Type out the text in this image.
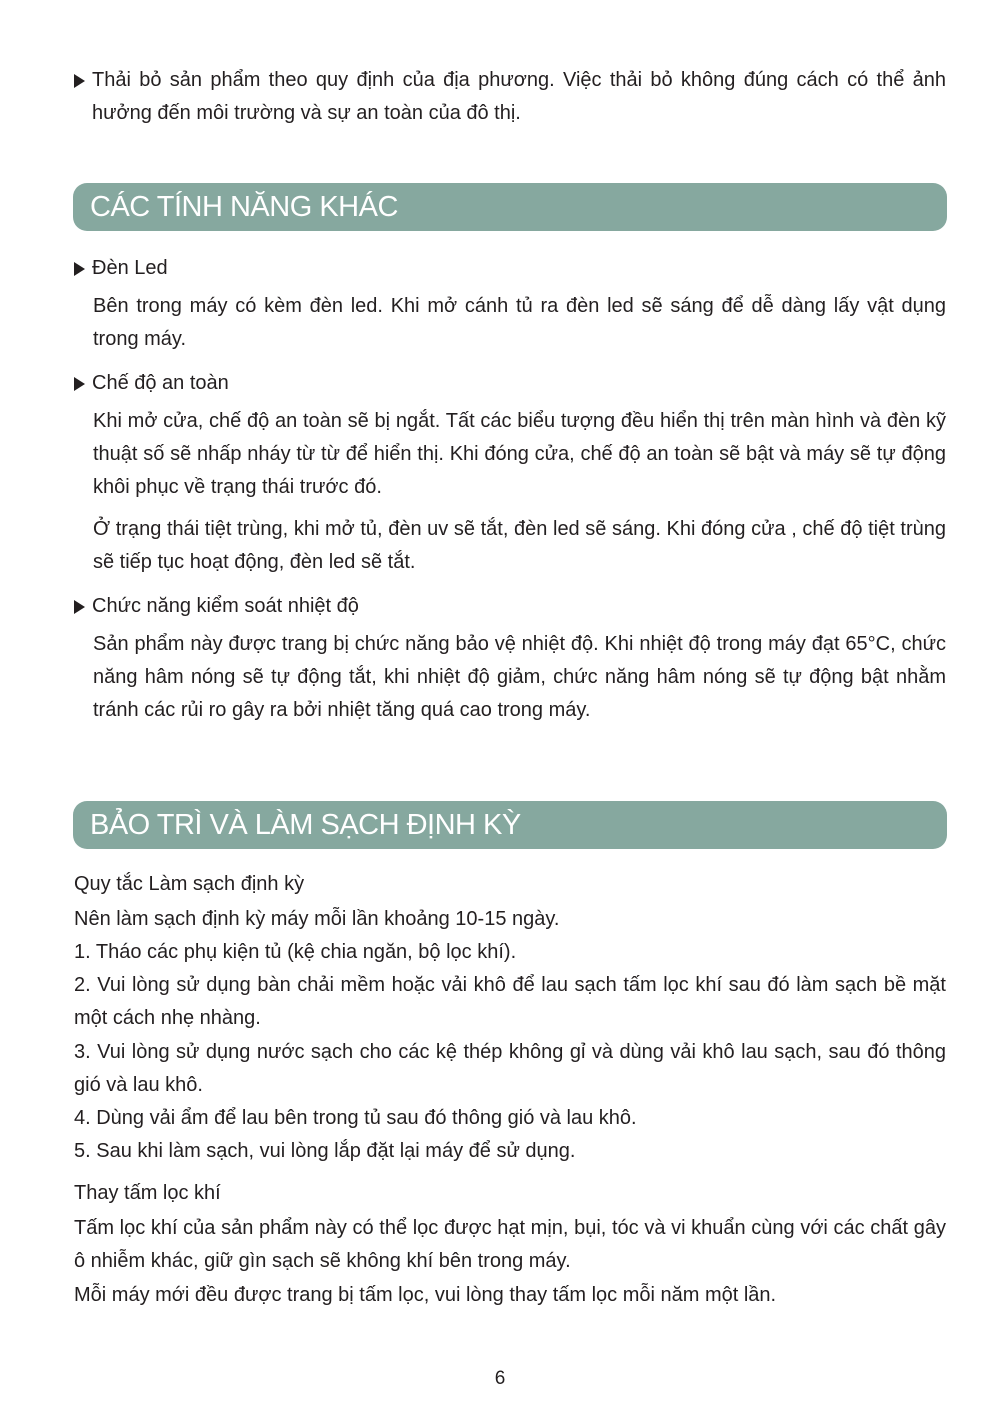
Thải bỏ sản phẩm theo quy định của địa phương. Việc thải bỏ không đúng cách có thể ảnh hưởng đến môi trường và sự an toàn của đô thị.
CÁC TÍNH NĂNG KHÁC
Đèn Led
Bên trong máy có kèm đèn led. Khi mở cánh tủ ra đèn led sẽ sáng để dễ dàng lấy vật dụng trong máy.
Chế độ an toàn
Khi mở cửa, chế độ an toàn sẽ bị ngắt. Tất các biểu tượng đều hiển thị trên màn hình và đèn kỹ thuật số sẽ nhấp nháy từ từ để hiển thị. Khi đóng cửa, chế độ an toàn sẽ bật và máy sẽ tự động khôi phục về trạng thái trước đó.
Ở trạng thái tiệt trùng, khi mở tủ, đèn uv sẽ tắt, đèn led sẽ sáng. Khi đóng cửa , chế độ tiệt trùng sẽ tiếp tục hoạt động, đèn led sẽ tắt.
Chức năng kiểm soát nhiệt độ
Sản phẩm này được trang bị chức năng bảo vệ nhiệt độ. Khi nhiệt độ trong máy đạt 65°C, chức năng hâm nóng sẽ tự động tắt, khi nhiệt độ giảm, chức năng hâm nóng sẽ tự động bật nhằm tránh các rủi ro gây ra bởi nhiệt tăng quá cao trong máy.
BẢO TRÌ VÀ LÀM SẠCH ĐỊNH KỲ
Quy tắc Làm sạch định kỳ
Nên làm sạch định kỳ máy mỗi lần khoảng 10-15 ngày.
1. Tháo các phụ kiện tủ (kệ chia ngăn, bộ lọc khí).
2. Vui lòng sử dụng bàn chải mềm hoặc vải khô để lau sạch tấm lọc khí sau đó làm sạch bề mặt một cách nhẹ nhàng.
3. Vui lòng sử dụng nước sạch cho các kệ thép không gỉ và dùng vải khô lau sạch, sau đó thông gió và lau khô.
4. Dùng vải ẩm để lau bên trong tủ sau đó thông gió và lau khô.
5. Sau khi làm sạch, vui lòng lắp đặt lại máy để sử dụng.
Thay tấm lọc khí
Tấm lọc khí của sản phẩm này có thể lọc được hạt mịn, bụi, tóc và vi khuẩn cùng với các chất gây ô nhiễm khác, giữ gìn sạch sẽ không khí bên trong máy.
Mỗi máy mới đều được trang bị tấm lọc, vui lòng thay tấm lọc mỗi năm một lần.
6
